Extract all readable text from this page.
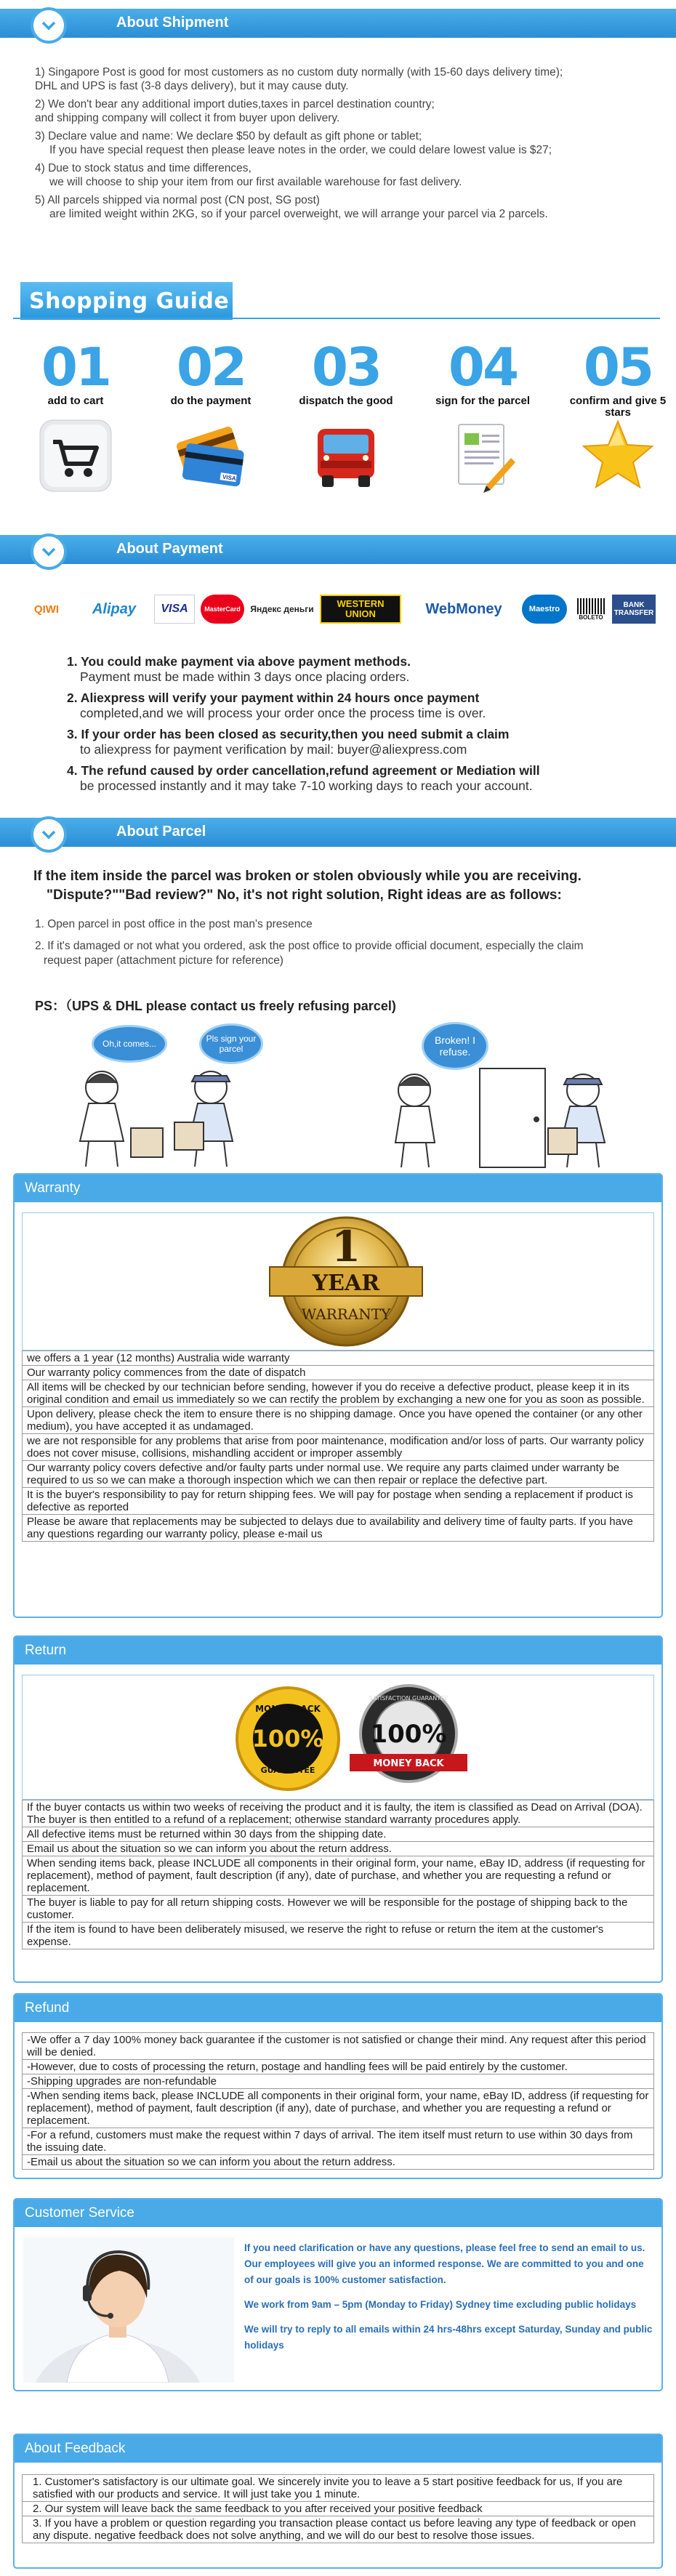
About Shipment
1) Singapore Post is good for most customers as no custom duty normally (with 15-60 days delivery time);
DHL and UPS is fast (3-8 days delivery), but it may cause duty.
2) We don't bear any additional import duties,taxes in parcel destination country;
and shipping company will collect it from buyer upon delivery.
3) Declare value and name: We declare $50 by default as gift phone or tablet;
If you have special request then please leave notes in the order, we could delare lowest value is $27;
4) Due to stock status and time differences,
we will choose to ship your item from our first available warehouse for fast delivery.
5) All parcels shipped via normal post (CN post, SG post)
are limited weight within 2KG, so if your parcel overweight, we will arrange your parcel via 2 parcels.
Shopping Guide
01
add to cart
02
do the payment
VISA
03
dispatch the good
04
sign for the parcel
05
confirm and give 5 stars
About Payment
QIWI Alipay VISA	MasterCard Яндекс деньги	WESTERN UNION	WebMoney	Maestro
BOLETO
BANK TRANSFER
1. You could make payment via above payment methods.
Payment must be made within 3 days once placing orders.
2. Aliexpress will verify your payment within 24 hours once payment
completed,and we will process your order once the process time is over.
3. If your order has been closed as security,then you need submit a claim
to aliexpress for payment verification by mail: buyer@aliexpress.com
4. The refund caused by order cancellation,refund agreement or Mediation will
be processed instantly and it may take 7-10 working days to reach your account.
About Parcel
If the item inside the parcel was broken or stolen obviously while you are receiving.
"Dispute?""Bad review?" No, it's not right solution, Right ideas are as follows:
1. Open parcel in post office in the post man's presence
2. If it's damaged or not what you ordered, ask the post office to provide official document, especially the claim
request paper (attachment picture for reference)
PS：（UPS & DHL please contact us freely refusing parcel)
Oh,it comes...	Pls sign your parcel
Broken! I refuse.
Warranty
1
YEAR
WARRANTY
we offers a 1 year (12 months) Australia wide warranty
Our warranty policy commences from the date of dispatch
All items will be checked by our technician before sending, however if you do receive a defective product, please keep it in its original condition and email us immediately so we can rectify the problem by exchanging a new one for you as soon as possible.
Upon delivery, please check the item to ensure there is no shipping damage. Once you have opened the container (or any other medium), you have accepted it as undamaged.
we are not responsible for any problems that arise from poor maintenance, modification and/or loss of parts. Our warranty policy does not cover misuse, collisions, mishandling accident or improper assembly
Our warranty policy covers defective and/or faulty parts under normal use. We require any parts claimed under warranty be required to us so we can make a thorough inspection which we can then repair or replace the defective part.
It is the buyer's responsibility to pay for return shipping fees. We will pay for postage when sending a replacement if product is defective as reported
Please be aware that replacements may be subjected to delays due to availability and delivery time of faulty parts. If you have any questions regarding our warranty policy, please e-mail us
Return
MONEY BACK
100%
GUARANTEE
SATISFACTION GUARANTEE
100%
MONEY BACK
If the buyer contacts us within two weeks of receiving the product and it is faulty, the item is classified as Dead on Arrival (DOA). The buyer is then entitled to a refund of a replacement; otherwise standard warranty procedures apply.
All defective items must be returned within 30 days from the shipping date.
Email us about the situation so we can inform you about the return address.
When sending items back, please INCLUDE all components in their original form, your name, eBay ID, address (if requesting for replacement), method of payment, fault description (if any), date of purchase, and whether you are requesting a refund or replacement.
The buyer is liable to pay for all return shipping costs. However we will be responsible for the postage of shipping back to the customer.
If the item is found to have been deliberately misused, we reserve the right to refuse or return the item at the customer's expense.
Refund
-We offer a 7 day 100% money back guarantee if the customer is not satisfied or change their mind. Any request after this period will be denied.
-However, due to costs of processing the return, postage and handling fees will be paid entirely by the customer.
-Shipping upgrades are non-refundable
-When sending items back, please INCLUDE all components in their original form, your name, eBay ID, address (if requesting for replacement), method of payment, fault description (if any), date of purchase, and whether you are requesting a refund or replacement.
-For a refund, customers must make the request within 7 days of arrival. The item itself must return to use within 30 days from the issuing date.
-Email us about the situation so we can inform you about the return address.
Customer Service
If you need clarification or have any questions, please feel free to send an email to us. Our employees will give you an informed response. We are committed to you and one of our goals is 100% customer satisfaction.
We work from 9am – 5pm (Monday to Friday) Sydney time excluding public holidays
We will try to reply to all emails within 24 hrs-48hrs except Saturday, Sunday and public holidays
About Feedback
1. Customer's satisfactory is our ultimate goal. We sincerely invite you to leave a 5 start positive feedback for us, If you are satisfied with our products and service. It will just take you 1 minute.
2. Our system will leave back the same feedback to you after received your positive feedback
3. If you have a problem or question regarding you transaction please contact us before leaving any type of feedback or open any dispute. negative feedback does not solve anything, and we will do our best to resolve those issues.
